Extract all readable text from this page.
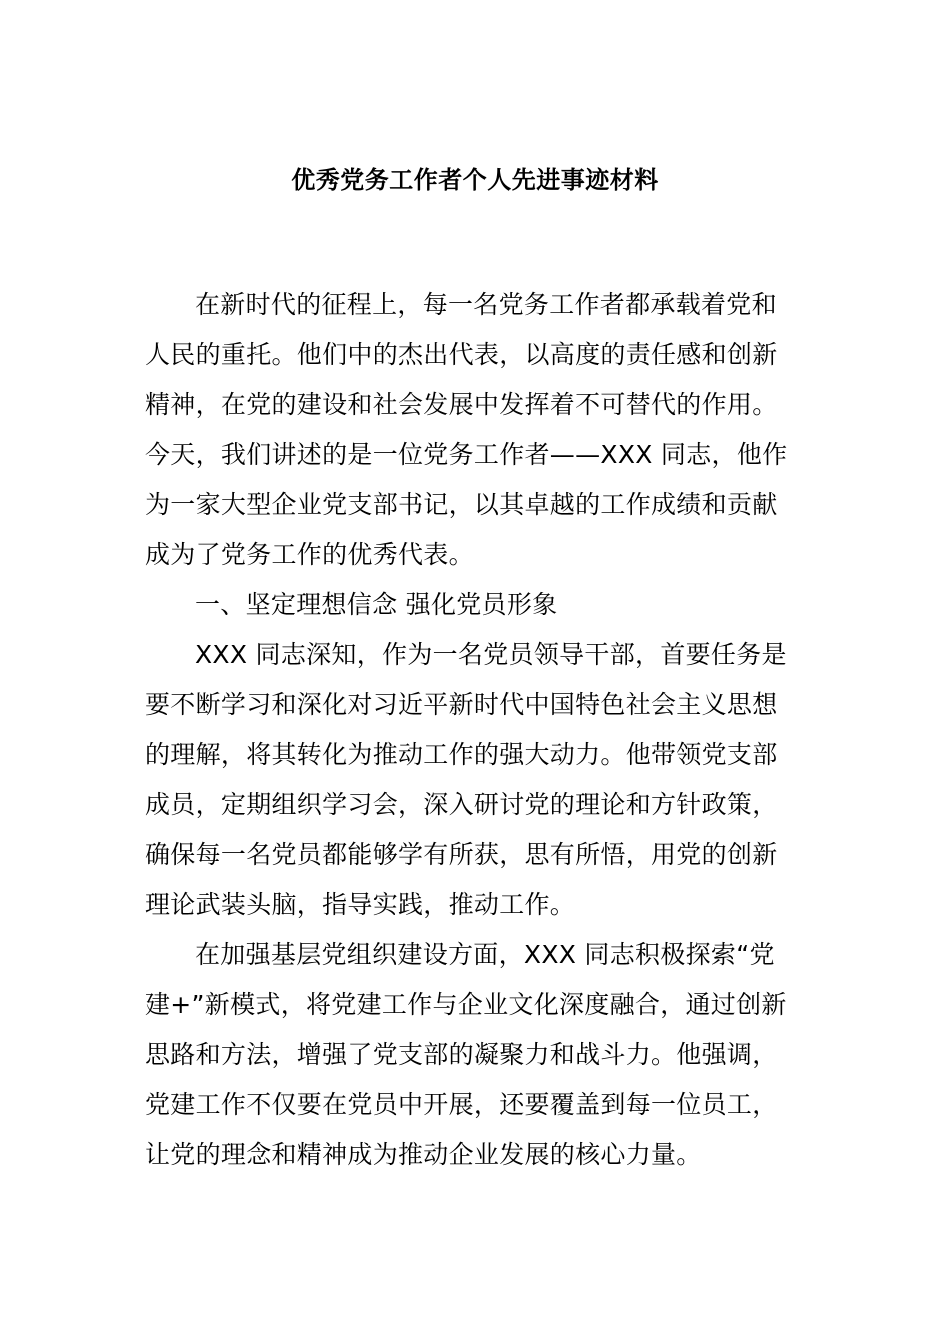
优秀党务工作者个人先进事迹材料

在新时代的征程上，每一名党务工作者都承载着党和
人民的重托。他们中的杰出代表，以高度的责任感和创新
精神，在党的建设和社会发展中发挥着不可替代的作用。
今天，我们讲述的是一位党务工作者——XXX 同志，他作
为一家大型企业党支部书记，以其卓越的工作成绩和贡献
成为了党务工作的优秀代表。

一、坚定理想信念 强化党员形象

XXX 同志深知，作为一名党员领导干部，首要任务是
要不断学习和深化对习近平新时代中国特色社会主义思想
的理解，将其转化为推动工作的强大动力。他带领党支部
成员，定期组织学习会，深入研讨党的理论和方针政策，
确保每一名党员都能够学有所获，思有所悟，用党的创新
理论武装头脑，指导实践，推动工作。

在加强基层党组织建设方面，XXX 同志积极探索“党
建+”新模式，将党建工作与企业文化深度融合，通过创新
思路和方法，增强了党支部的凝聚力和战斗力。他强调，
党建工作不仅要在党员中开展，还要覆盖到每一位员工，
让党的理念和精神成为推动企业发展的核心力量。
